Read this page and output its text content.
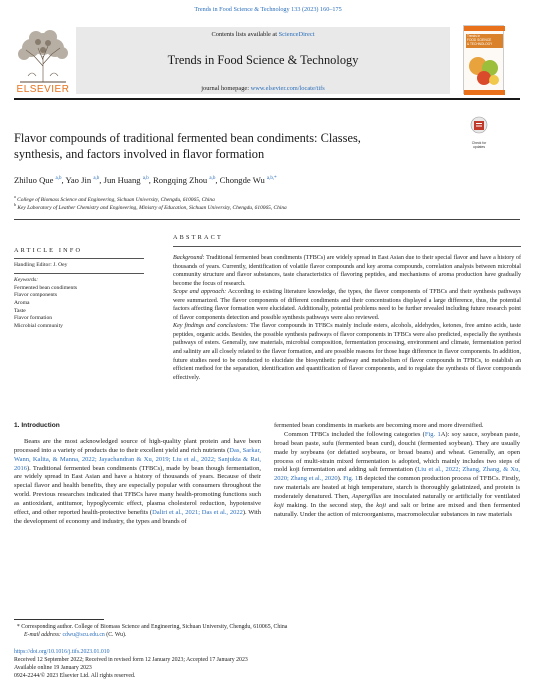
Trends in Food Science & Technology 133 (2023) 160–175
ELSEVIER
Contents lists available at ScienceDirect
Trends in Food Science & Technology
journal homepage: www.elsevier.com/locate/tifs
Trends in
FOOD SCIENCE
& TECHNOLOGY
Flavor compounds of traditional fermented bean condiments: Classes,
synthesis, and factors involved in flavor formation
Check for
updates
Zhiluo Que $^{a,b}$, Yao Jin $^{a,b}$, Jun Huang $^{a,b}$, Rongqing Zhou $^{a,b}$, Chongde Wu $^{a,b,*}$
$^a$ College of Biomass Science and Engineering, Sichuan University, Chengdu, 610065, China
$^b$ Key Laboratory of Leather Chemistry and Engineering, Ministry of Education, Sichuan University, Chengdu, 610065, China
ARTICLE INFO
Handling Editor: J. Oey
Keywords:
Fermented bean condiments
Flavor components
Aroma
Taste
Flavor formation
Microbial community
ABSTRACT

Background: Traditional fermented bean condiments (TFBCs) are widely spread in East Asian due to their special flavor and have a history of thousands of years. Currently, identification of volatile flavor compounds and key aroma compounds, correlation analysis between microbial community structure and flavor substances, taste characteristics of flavoring peptides, and mechanisms of aroma production have gradually become the focus of research.

Scope and approach: According to existing literature knowledge, the types, the flavor components of TFBCs and their synthesis pathways were summarized. The flavor components of different condiments and their concentrations displayed a large difference, thus, the potential factors affecting flavor formation were elucidated. Additionally, potential problems need to be further revealed including future research point of flavor components detection and possible synthesis pathways were also reviewed.

Key findings and conclusions: The flavor compounds in TFBCs mainly include esters, alcohols, aldehydes, ketones, free amino acids, taste peptides, organic acids. Besides, the possible synthesis pathways of flavor components in TFBCs were also predicted, especially the synthesis pathways of esters. Generally, raw materials, microbial composition, fermentation processing, environment and climate, fermentation period and salinity are all closely related to the flavor formation, and are possible reasons for those huge difference in flavor components. In addition, future studies need to be conducted to elucidate the biosynthetic pathway and metabolism of flavor compounds in TFBCs, to establish an efficient method for the separation, identification and quantification of flavor components, and to regulate the synthesis of flavor compounds effectively.

1. Introduction

Beans are the most acknowledged source of high-quality plant protein and have been processed into a variety of products due to their excellent yield and rich nutrients (Das, Sarkar, Wann, Kalita, & Manna, 2022; Jayachandran & Xu, 2019; Liu et al., 2022; Sanjukta & Rai, 2016). Traditional fermented bean condiments (TFBCs), made by bean though fermentation, are widely spread in East Asian and have a history of thousands of years. Because of their special flavor and health benefits, they are especially popular with consumers throughout the world. Previous researches indicated that TFBCs have many health-promoting functions such as antioxidant, antitumor, hypoglycemic effect, plasma cholesterol reduction, hypotensive effect, and other reported health-protective benefits (Daliri et al., 2021; Das et al., 2022). With the development of economy and industry, the types and brands of

fermented bean condiments in markets are becoming more and more diversified.

Common TFBCs included the following categories (Fig. 1A): soy sauce, soybean paste, broad bean paste, sufu (fermented bean curd), douchi (fermented soybean). They are usually made by soybeans (or defatted soybeans, or broad beans) and wheat. Generally, an open process of multi-strain mixed fermentation is adopted, which mainly includes two steps of mold koji fermentation and adding salt fermentation (Liu et al., 2022; Zhang, Zhang, & Xu, 2020; Zhang et al., 2020). Fig. 1B depicted the common production process of TFBCs. Firstly, raw materials are heated at high temperature, starch is thoroughly gelatinized, and protein is moderately denatured. Then, Aspergillus are inoculated naturally or artificially for ventilated koji making. In the second step, the koji and salt or brine are mixed and then fermented naturally. Under the action of microorganisms, macromolecular substances in raw materials

* Corresponding author. College of Biomass Science and Engineering, Sichuan University, Chengdu, 610065, China
E-mail address: cdwu@scu.edu.cn (C. Wu).
https://doi.org/10.1016/j.tifs.2023.01.010
Received 12 September 2022; Received in revised form 12 January 2023; Accepted 17 January 2023
Available online 19 January 2023
0924-2244/© 2023 Elsevier Ltd. All rights reserved.
